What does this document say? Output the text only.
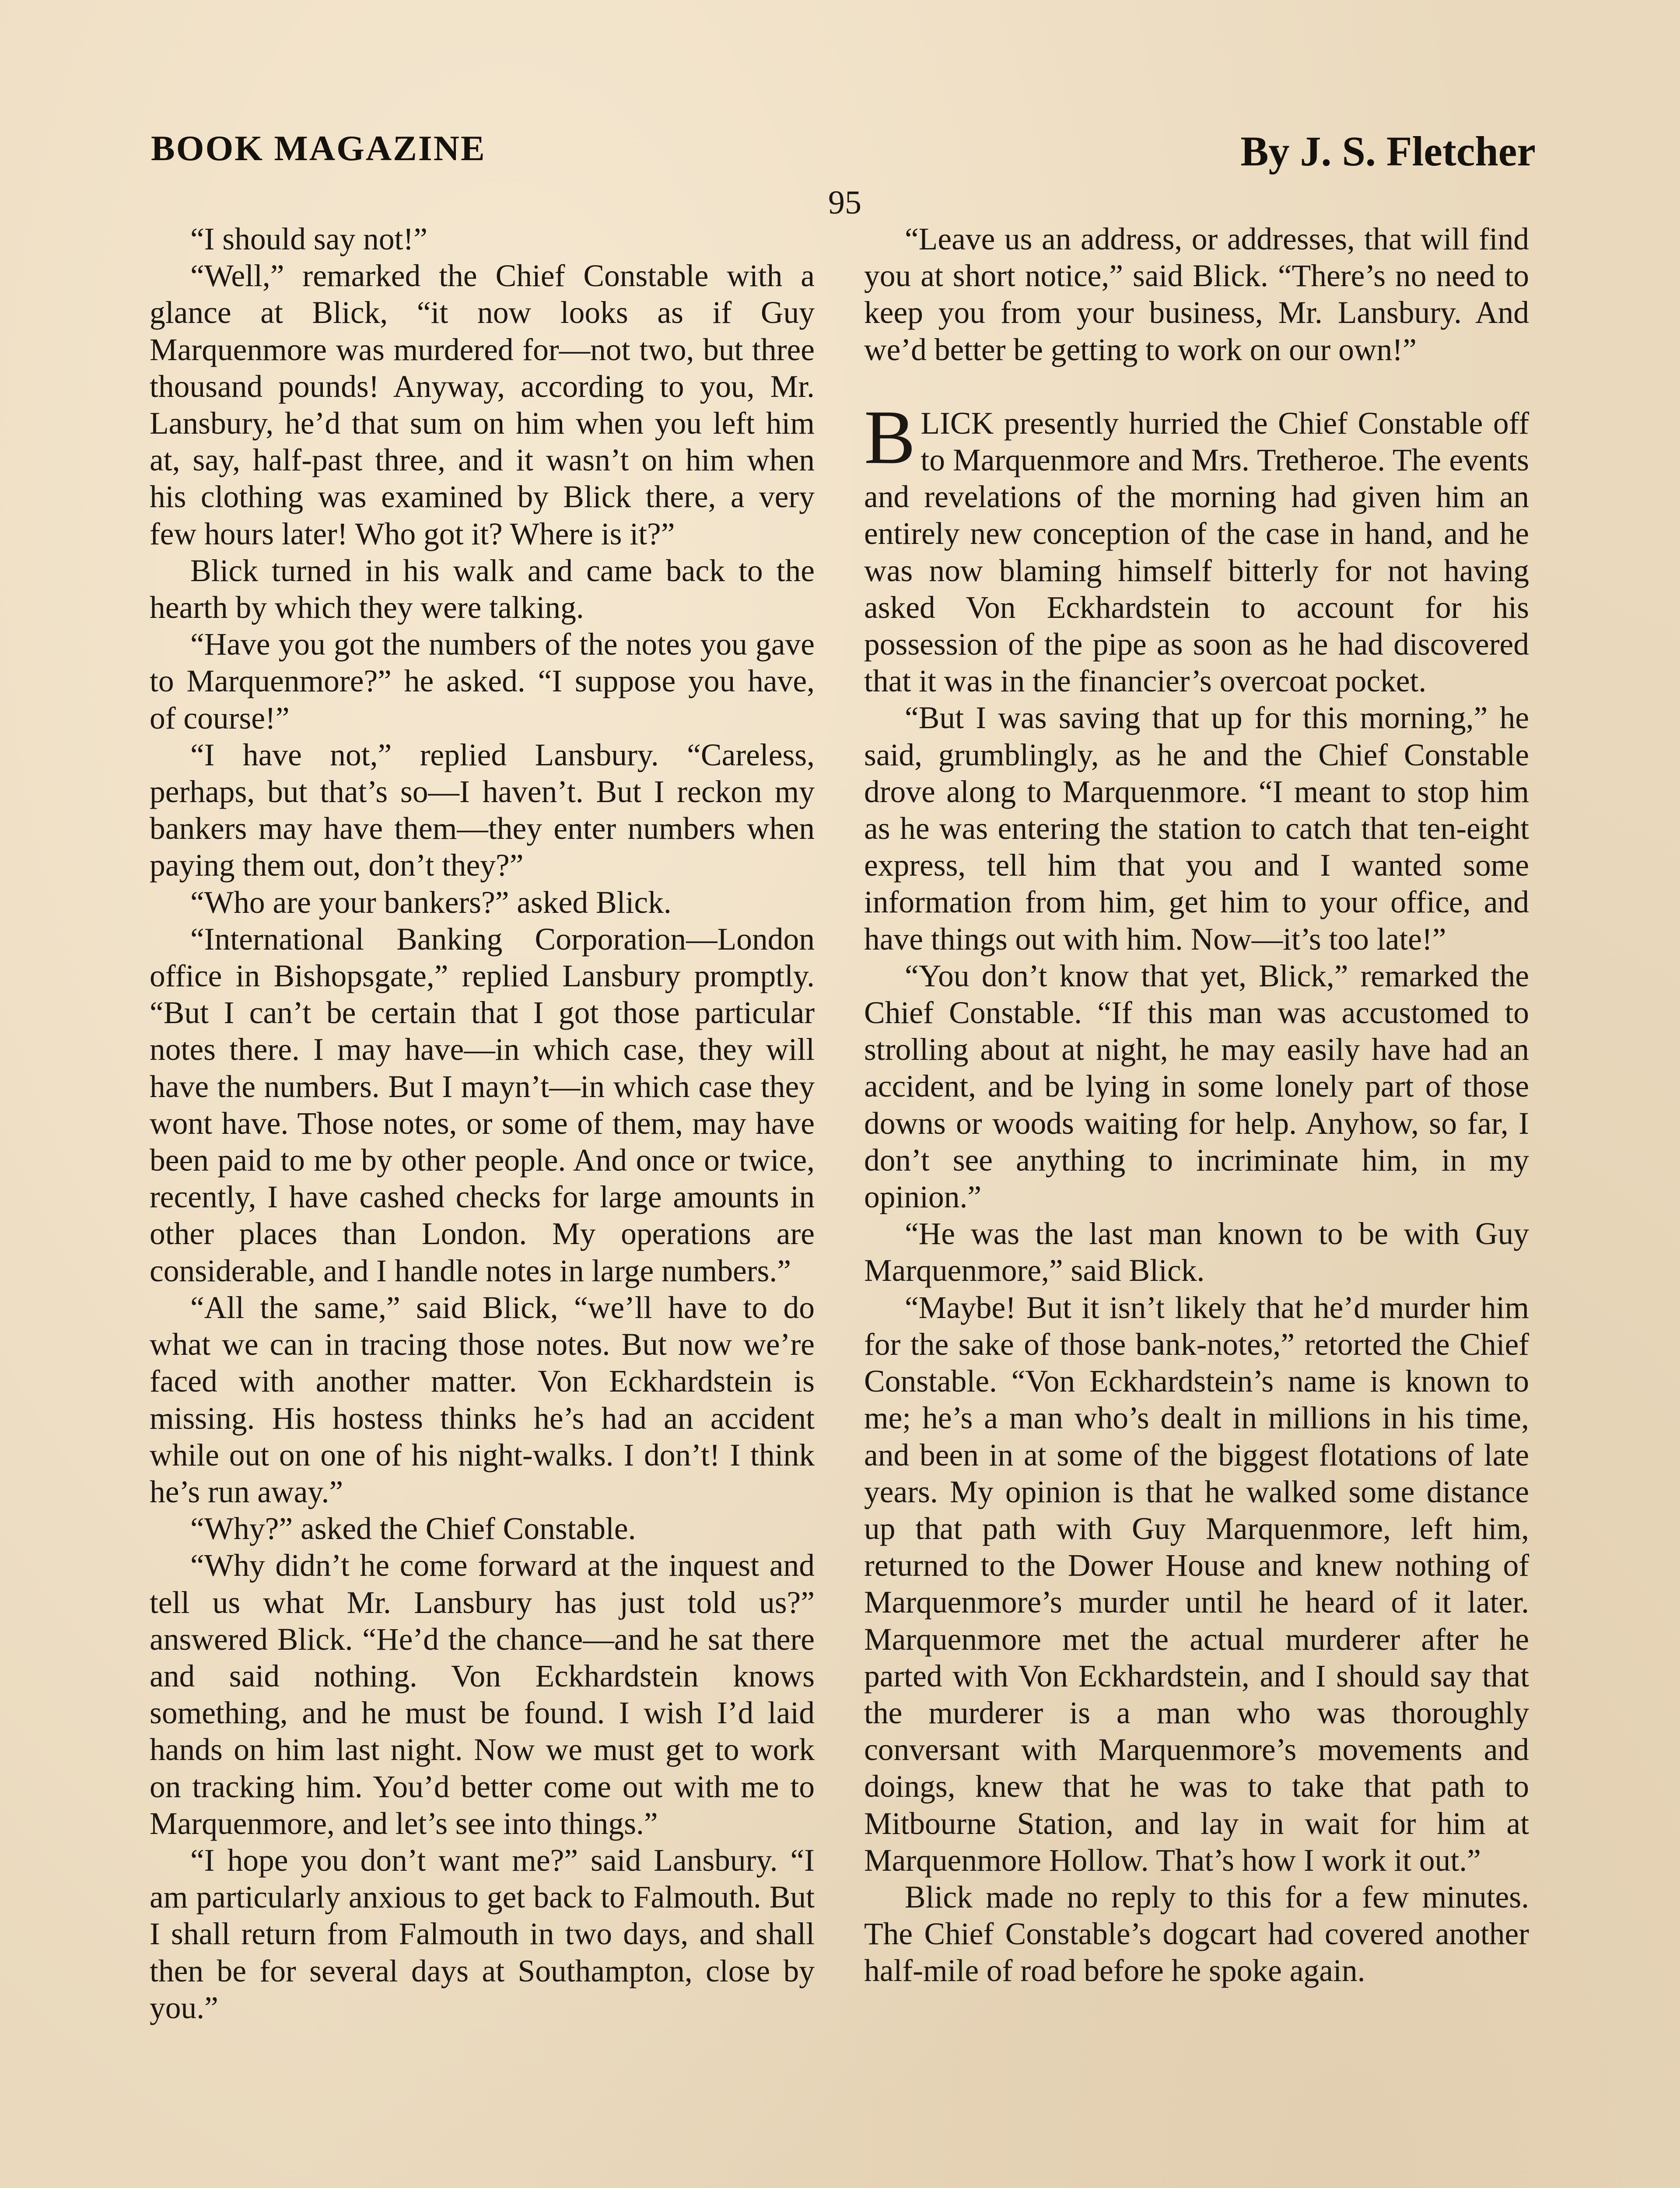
BOOK MAGAZINE	By J. S. Fletcher
95

“I should say not!”

“Well,” remarked the Chief Constable with a glance at Blick, “it now looks as if Guy Marquenmore was murdered for—not two, but three thousand pounds! Anyway, according to you, Mr. Lansbury, he’d that sum on him when you left him at, say, half-past three, and it wasn’t on him when his clothing was examined by Blick there, a very few hours later! Who got it? Where is it?”

Blick turned in his walk and came back to the hearth by which they were talking.

“Have you got the numbers of the notes you gave to Marquenmore?” he asked. “I suppose you have, of course!”

“I have not,” replied Lansbury. “Careless, perhaps, but that’s so—I haven’t. But I reckon my bankers may have them—they enter numbers when paying them out, don’t they?”

“Who are your bankers?” asked Blick.

“International Banking Corporation—London office in Bishopsgate,” replied Lansbury promptly. “But I can’t be certain that I got those particular notes there. I may have—in which case, they will have the numbers. But I mayn’t—in which case they wont have. Those notes, or some of them, may have been paid to me by other people. And once or twice, recently, I have cashed checks for large amounts in other places than London. My operations are considerable, and I handle notes in large numbers.”

“All the same,” said Blick, “we’ll have to do what we can in tracing those notes. But now we’re faced with another matter. Von Eckhardstein is missing. His hostess thinks he’s had an accident while out on one of his night-walks. I don’t! I think he’s run away.”

“Why?” asked the Chief Constable.

“Why didn’t he come forward at the inquest and tell us what Mr. Lansbury has just told us?” answered Blick. “He’d the chance—and he sat there and said nothing. Von Eckhardstein knows something, and he must be found. I wish I’d laid hands on him last night. Now we must get to work on tracking him. You’d better come out with me to Marquenmore, and let’s see into things.”

“I hope you don’t want me?” said Lansbury. “I am particularly anxious to get back to Falmouth. But I shall return from Falmouth in two days, and shall then be for several days at Southampton, close by you.”

“Leave us an address, or addresses, that will find you at short notice,” said Blick. “There’s no need to keep you from your business, Mr. Lansbury. And we’d better be getting to work on our own!”

BLICK presently hurried the Chief Constable off to Marquenmore and Mrs. Tretheroe. The events and revelations of the morning had given him an entirely new conception of the case in hand, and he was now blaming himself bitterly for not having asked Von Eckhardstein to account for his possession of the pipe as soon as he had discovered that it was in the financier’s overcoat pocket.

“But I was saving that up for this morning,” he said, grumblingly, as he and the Chief Constable drove along to Marquenmore. “I meant to stop him as he was entering the station to catch that ten-eight express, tell him that you and I wanted some information from him, get him to your office, and have things out with him. Now—it’s too late!”

“You don’t know that yet, Blick,” remarked the Chief Constable. “If this man was accustomed to strolling about at night, he may easily have had an accident, and be lying in some lonely part of those downs or woods waiting for help. Anyhow, so far, I don’t see anything to incriminate him, in my opinion.”

“He was the last man known to be with Guy Marquenmore,” said Blick.

“Maybe! But it isn’t likely that he’d murder him for the sake of those bank-notes,” retorted the Chief Constable. “Von Eckhardstein’s name is known to me; he’s a man who’s dealt in millions in his time, and been in at some of the biggest flotations of late years. My opinion is that he walked some distance up that path with Guy Marquenmore, left him, returned to the Dower House and knew nothing of Marquenmore’s murder until he heard of it later. Marquenmore met the actual murderer after he parted with Von Eckhardstein, and I should say that the murderer is a man who was thoroughly conversant with Marquenmore’s movements and doings, knew that he was to take that path to Mitbourne Station, and lay in wait for him at Marquenmore Hollow. That’s how I work it out.”

Blick made no reply to this for a few minutes. The Chief Constable’s dogcart had covered another half-mile of road before he spoke again.
